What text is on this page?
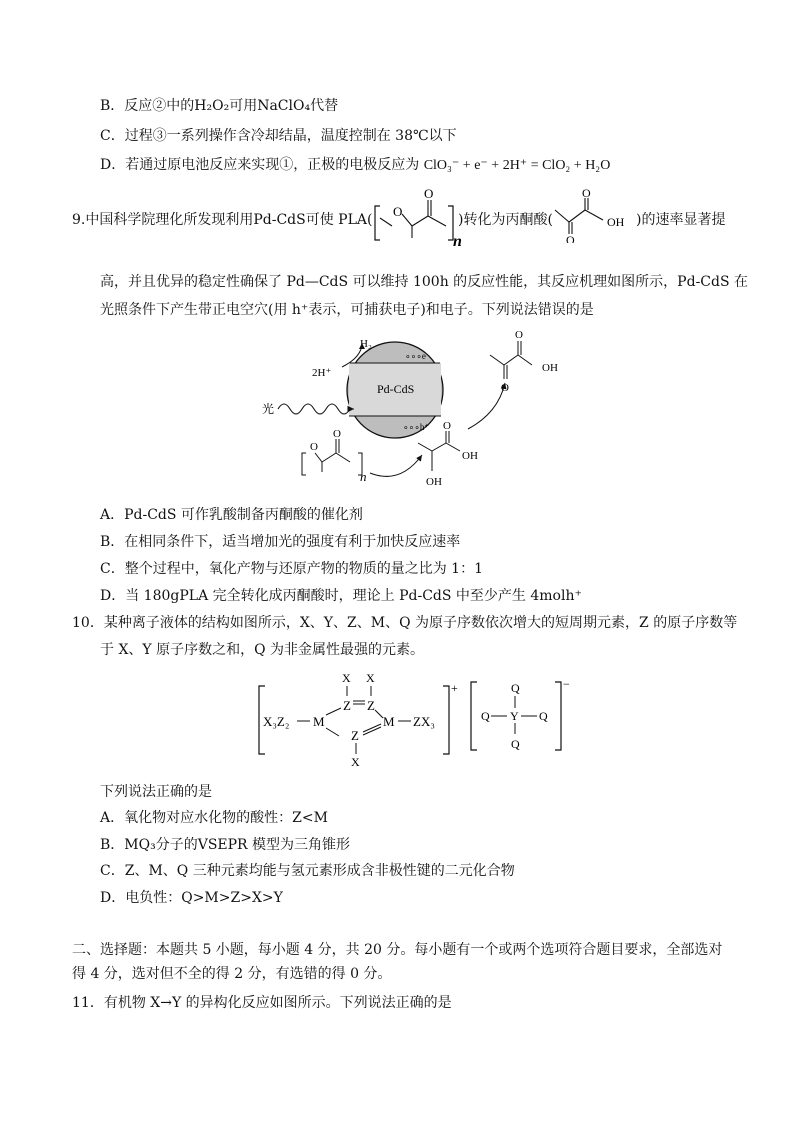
B．反应②中的H₂O₂可用NaClO₄代替
C．过程③一系列操作含冷却结晶，温度控制在 38℃以下
D．若通过原电池反应来实现①，正极的电极反应为 ClO₃⁻ + e⁻ + 2H⁺ = ClO₂ + H₂O
9.中国科学院理化所发现利用Pd-CdS可使 PLA(
O
O
n
)转化为丙酮酸(
O
O
OH )的速率显著提
高，并且优异的稳定性确保了 Pd—CdS 可以维持 100h 的反应性能，其反应机理如图所示，Pd-CdS 在
光照条件下产生带正电空穴(用 h⁺表示，可捕获电子)和电子。下列说法错误的是
Pd-CdS
∘∘∘e
∘∘∘h⁺
H₂
2H⁺
光
O
O
n	OH
O
OH
O
O
OH
A．Pd-CdS 可作乳酸制备丙酮酸的催化剂
B．在相同条件下，适当增加光的强度有利于加快反应速率
C．整个过程中，氧化产物与还原产物的物质的量之比为 1：1
D．当 180gPLA 完全转化成丙酮酸时，理论上 Pd-CdS 中至少产生 4molh⁺
10．某种离子液体的结构如图所示，X、Y、Z、M、Q 为原子序数依次增大的短周期元素，Z 的原子序数等
于 X、Y 原子序数之和，Q 为非金属性最强的元素。
+
X₃Z₂ M
Z Z
X X
M
Z
X
ZX₃
−
Q
Q Y Q
Q
下列说法正确的是
A．氧化物对应水化物的酸性：Z<M
B．MQ₃分子的VSEPR 模型为三角锥形
C．Z、M、Q 三种元素均能与氢元素形成含非极性键的二元化合物
D．电负性：Q>M>Z>X>Y
二、选择题：本题共 5 小题，每小题 4 分，共 20 分。每小题有一个或两个选项符合题目要求，全部选对得 4 分，选对但不全的得 2 分，有选错的得 0 分。
11．有机物 X→Y 的异构化反应如图所示。下列说法正确的是
